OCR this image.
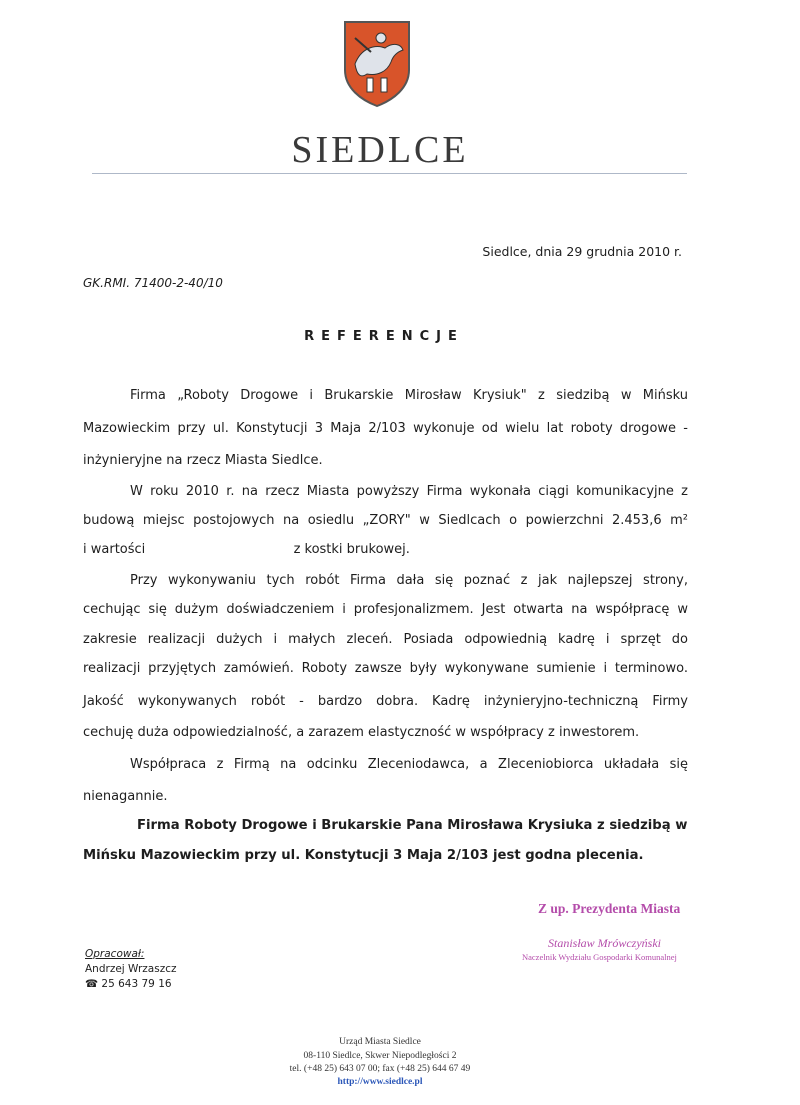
SIEDLCE
Siedlce, dnia 29 grudnia 2010 r.
GK.RMI. 71400-2-40/10
REFERENCJE
Firma „Roboty Drogowe i Brukarskie Mirosław Krysiuk" z siedzibą w Mińsku
Mazowieckim przy ul. Konstytucji 3 Maja 2/103 wykonuje od wielu lat roboty drogowe -
inżynieryjne na rzecz Miasta Siedlce.
W roku 2010 r. na rzecz Miasta powyższy Firma wykonała ciągi komunikacyjne z
budową miejsc postojowych na osiedlu „ZORY" w Siedlcach o powierzchni 2.453,6 m²
i wartości	z kostki brukowej.
Przy wykonywaniu tych robót Firma dała się poznać z jak najlepszej strony,
cechując się dużym doświadczeniem i profesjonalizmem. Jest otwarta na współpracę w
zakresie realizacji dużych i małych zleceń. Posiada odpowiednią kadrę i sprzęt do
realizacji przyjętych zamówień. Roboty zawsze były wykonywane sumienie i terminowo.
Jakość wykonywanych robót - bardzo dobra. Kadrę inżynieryjno-techniczną Firmy
cechuję duża odpowiedzialność, a zarazem elastyczność w współpracy z inwestorem.
Współpraca z Firmą na odcinku Zleceniodawca, a Zleceniobiorca układała się
nienagannie.
Firma Roboty Drogowe i Brukarskie Pana Mirosława Krysiuka z siedzibą w
Mińsku Mazowieckim przy ul. Konstytucji 3 Maja 2/103 jest godna plecenia.
Z up. Prezydenta Miasta
Stanisław Mrówczyński
Naczelnik Wydziału Gospodarki Komunalnej
Opracował:
Andrzej Wrzaszcz
☎ 25 643 79 16
Urząd Miasta Siedlce
08-110 Siedlce, Skwer Niepodległości 2
tel. (+48 25) 643 07 00; fax (+48 25) 644 67 49
http://www.siedlce.pl
